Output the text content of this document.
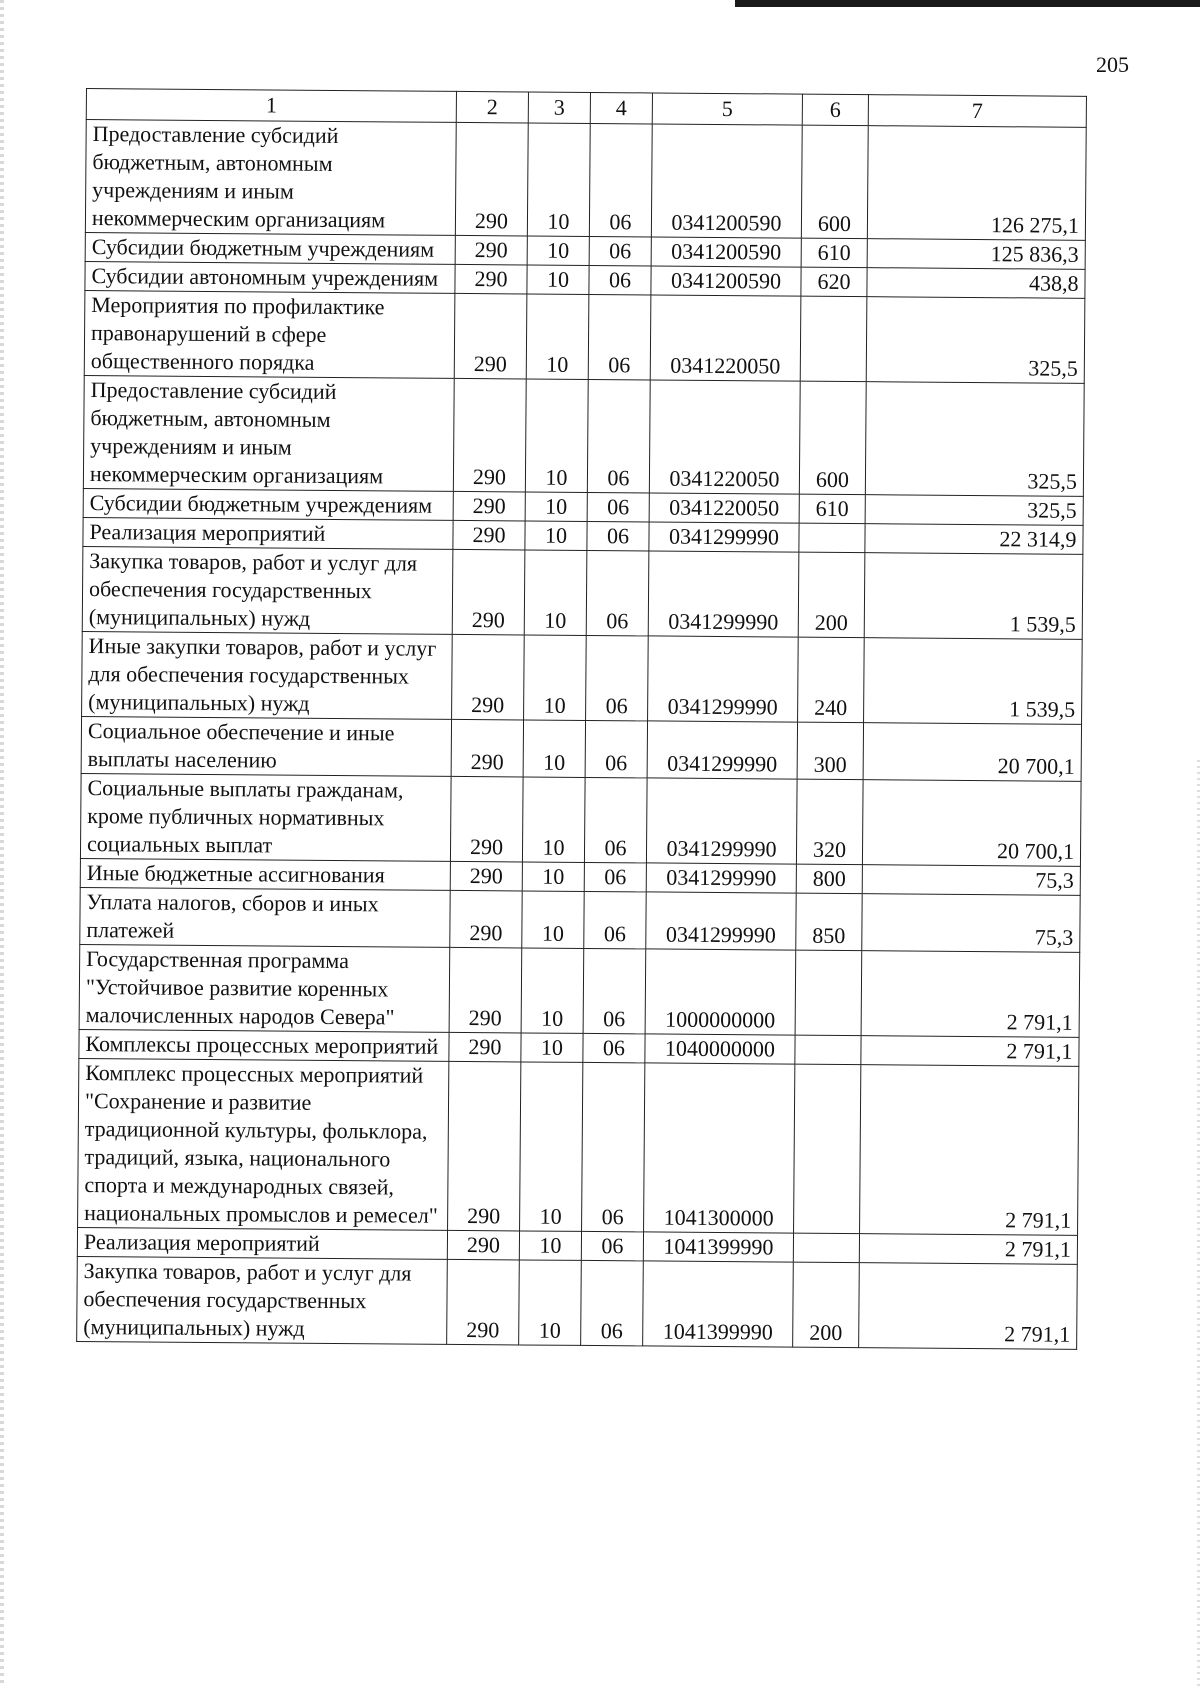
205
1	2	3	4	5	6	7
Предоставление субсидий бюджетным, автономным учреждениям и иным некоммерческим организациям	290	10	06	0341200590	600	126 275,1
Субсидии бюджетным учреждениям	290	10	06	0341200590	610	125 836,3
Субсидии автономным учреждениям	290	10	06	0341200590	620	438,8
Мероприятия по профилактике правонарушений в сфере общественного порядка	290	10	06	0341220050		325,5
Предоставление субсидий бюджетным, автономным учреждениям и иным некоммерческим организациям	290	10	06	0341220050	600	325,5
Субсидии бюджетным учреждениям	290	10	06	0341220050	610	325,5
Реализация мероприятий	290	10	06	0341299990		22 314,9
Закупка товаров, работ и услуг для обеспечения государственных (муниципальных) нужд	290	10	06	0341299990	200	1 539,5
Иные закупки товаров, работ и услуг для обеспечения государственных (муниципальных) нужд	290	10	06	0341299990	240	1 539,5
Социальное обеспечение и иные выплаты населению	290	10	06	0341299990	300	20 700,1
Социальные выплаты гражданам, кроме публичных нормативных социальных выплат	290	10	06	0341299990	320	20 700,1
Иные бюджетные ассигнования	290	10	06	0341299990	800	75,3
Уплата налогов, сборов и иных платежей	290	10	06	0341299990	850	75,3
Государственная программа "Устойчивое развитие коренных малочисленных народов Севера"	290	10	06	1000000000		2 791,1
Комплексы процессных мероприятий	290	10	06	1040000000		2 791,1
Комплекс процессных мероприятий "Сохранение и развитие традиционной культуры, фольклора, традиций, языка, национального спорта и международных связей, национальных промыслов и ремесел"	290	10	06	1041300000		2 791,1
Реализация мероприятий	290	10	06	1041399990		2 791,1
Закупка товаров, работ и услуг для обеспечения государственных (муниципальных) нужд	290	10	06	1041399990	200	2 791,1
